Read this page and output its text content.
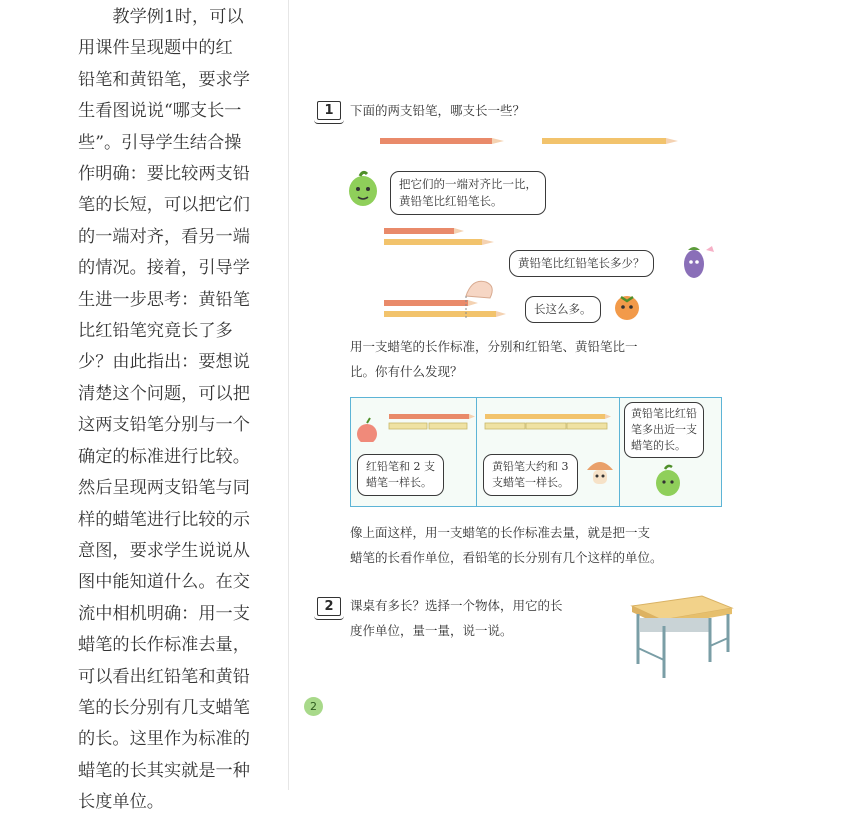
　　教学例1时，可以
用课件呈现题中的红
铅笔和黄铅笔，要求学
生看图说说“哪支长一
些”。引导学生结合操
作明确：要比较两支铅
笔的长短，可以把它们
的一端对齐，看另一端
的情况。接着，引导学
生进一步思考：黄铅笔
比红铅笔究竟长了多
少？由此指出：要想说
清楚这个问题，可以把
这两支铅笔分别与一个
确定的标准进行比较。
然后呈现两支铅笔与同
样的蜡笔进行比较的示
意图，要求学生说说从
图中能知道什么。在交
流中相机明确：用一支
蜡笔的长作标准去量，
可以看出红铅笔和黄铅
笔的长分别有几支蜡笔
的长。这里作为标准的
蜡笔的长其实就是一种
长度单位。
1	下面的两支铅笔，哪支长一些？
把它们的一端对齐比一比，
黄铅笔比红铅笔长。
黄铅笔比红铅笔长多少？
长这么多。
用一支蜡笔的长作标准，分别和红铅笔、黄铅笔比一
比。你有什么发现？
红铅笔和 2 支
蜡笔一样长。
黄铅笔大约和 3
支蜡笔一样长。
黄铅笔比红铅
笔多出近一支
蜡笔的长。
像上面这样，用一支蜡笔的长作标准去量，就是把一支
蜡笔的长看作单位，看铅笔的长分别有几个这样的单位。
2	课桌有多长？选择一个物体，用它的长
度作单位，量一量，说一说。
2
